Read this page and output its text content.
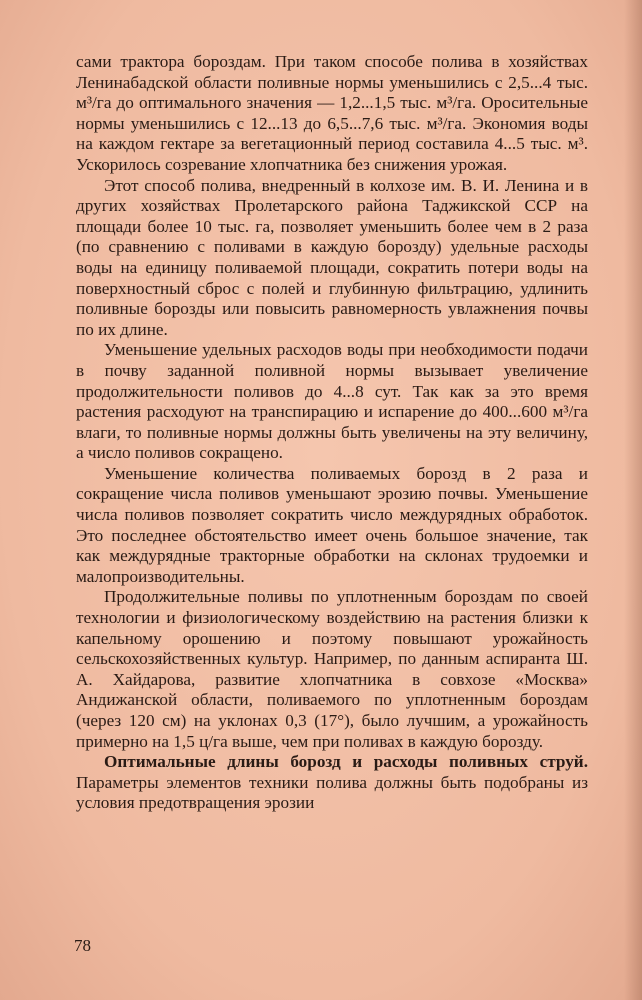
сами трактора бороздам. При таком способе полива в хозяйствах Ленинабадской области поливные нормы уменьшились с 2,5...4 тыс. м³/га до оптимального значения — 1,2...1,5 тыс. м³/га. Оросительные нормы уменьшились с 12...13 до 6,5...7,6 тыс. м³/га. Экономия воды на каждом гектаре за вегетационный период составила 4...5 тыс. м³. Ускорилось созревание хлопчатника без снижения урожая.

Этот способ полива, внедренный в колхозе им. В. И. Ленина и в других хозяйствах Пролетарского района Таджикской ССР на площади более 10 тыс. га, позволяет уменьшить более чем в 2 раза (по сравнению с поливами в каждую борозду) удельные расходы воды на единицу поливаемой площади, сократить потери воды на поверхностный сброс с полей и глубинную фильтрацию, удлинить поливные борозды или повысить равномерность увлажнения почвы по их длине.

Уменьшение удельных расходов воды при необходимости подачи в почву заданной поливной нормы вызывает увеличение продолжительности поливов до 4...8 сут. Так как за это время растения расходуют на транспирацию и испарение до 400...600 м³/га влаги, то поливные нормы должны быть увеличены на эту величину, а число поливов сокращено.

Уменьшение количества поливаемых борозд в 2 раза и сокращение числа поливов уменьшают эрозию почвы. Уменьшение числа поливов позволяет сократить число междурядных обработок. Это последнее обстоятельство имеет очень большое значение, так как междурядные тракторные обработки на склонах трудоемки и малопроизводительны.

Продолжительные поливы по уплотненным бороздам по своей технологии и физиологическому воздействию на растения близки к капельному орошению и поэтому повышают урожайность сельскохозяйственных культур. Например, по данным аспиранта Ш. А. Хайдарова, развитие хлопчатника в совхозе «Москва» Андижанской области, поливаемого по уплотненным бороздам (через 120 см) на уклонах 0,3 (17°), было лучшим, а урожайность примерно на 1,5 ц/га выше, чем при поливах в каждую борозду.

Оптимальные длины борозд и расходы поливных струй. Параметры элементов техники полива должны быть подобраны из условия предотвращения эрозии

78
